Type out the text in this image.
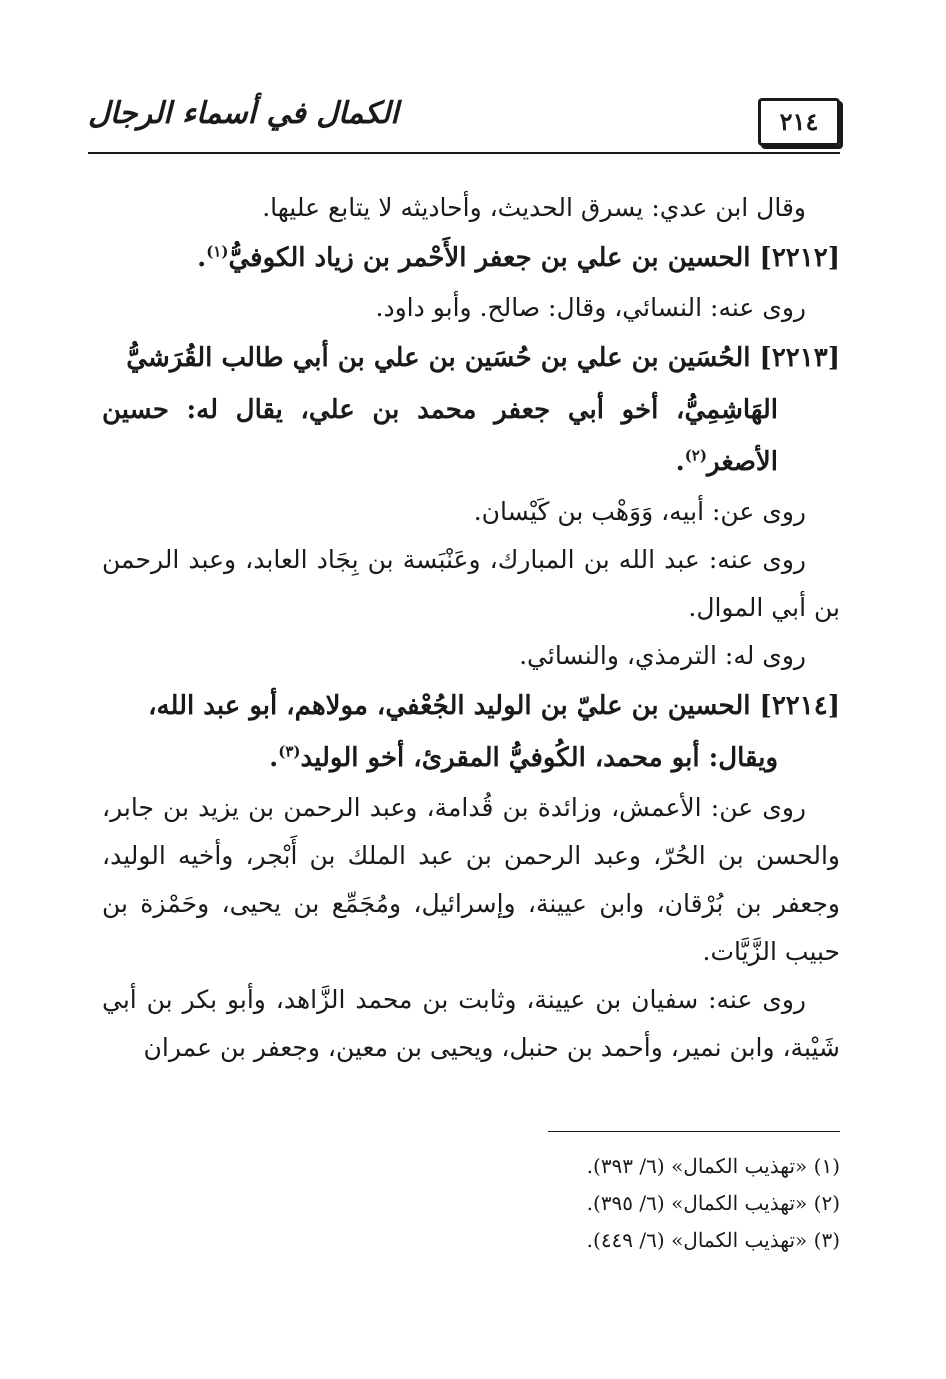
الكمال في أسماء الرجال	٢١٤

وقال ابن عدي: يسرق الحديث، وأحاديثه لا يتابع عليها.

[٢٢١٢] الحسين بن علي بن جعفر الأَحْمر بن زياد الكوفيُّ$^{(١)}$.

روى عنه: النسائي، وقال: صالح. وأبو داود.

[٢٢١٣] الحُسَين بن علي بن حُسَين بن علي بن أبي طالب القُرَشيُّ
الهَاشِمِيُّ، أخو أبي جعفر محمد بن علي، يقال له: حسين الأصغر$^{(٢)}$.

روى عن: أبيه، وَوَهْب بن كَيْسان.

روى عنه: عبد الله بن المبارك، وعَنْبَسة بن بِجَاد العابد، وعبد الرحمن بن أبي الموال.

روى له: الترمذي، والنسائي.

[٢٢١٤] الحسين بن عليّ بن الوليد الجُعْفي، مولاهم، أبو عبد الله،
ويقال: أبو محمد، الكُوفيُّ المقرئ، أخو الوليد$^{(٣)}$.

روى عن: الأعمش، وزائدة بن قُدامة، وعبد الرحمن بن يزيد بن جابر، والحسن بن الحُرّ، وعبد الرحمن بن عبد الملك بن أَبْجر، وأخيه الوليد، وجعفر بن بُرْقان، وابن عيينة، وإسرائيل، ومُجَمِّع بن يحيى، وحَمْزة بن حبيب الزَّيَّات.

روى عنه: سفيان بن عيينة، وثابت بن محمد الزَّاهد، وأبو بكر بن أبي شَيْبة، وابن نمير، وأحمد بن حنبل، ويحيى بن معين، وجعفر بن عمران

(١) «تهذيب الكمال» (٦/ ٣٩٣).

(٢) «تهذيب الكمال» (٦/ ٣٩٥).

(٣) «تهذيب الكمال» (٦/ ٤٤٩).
